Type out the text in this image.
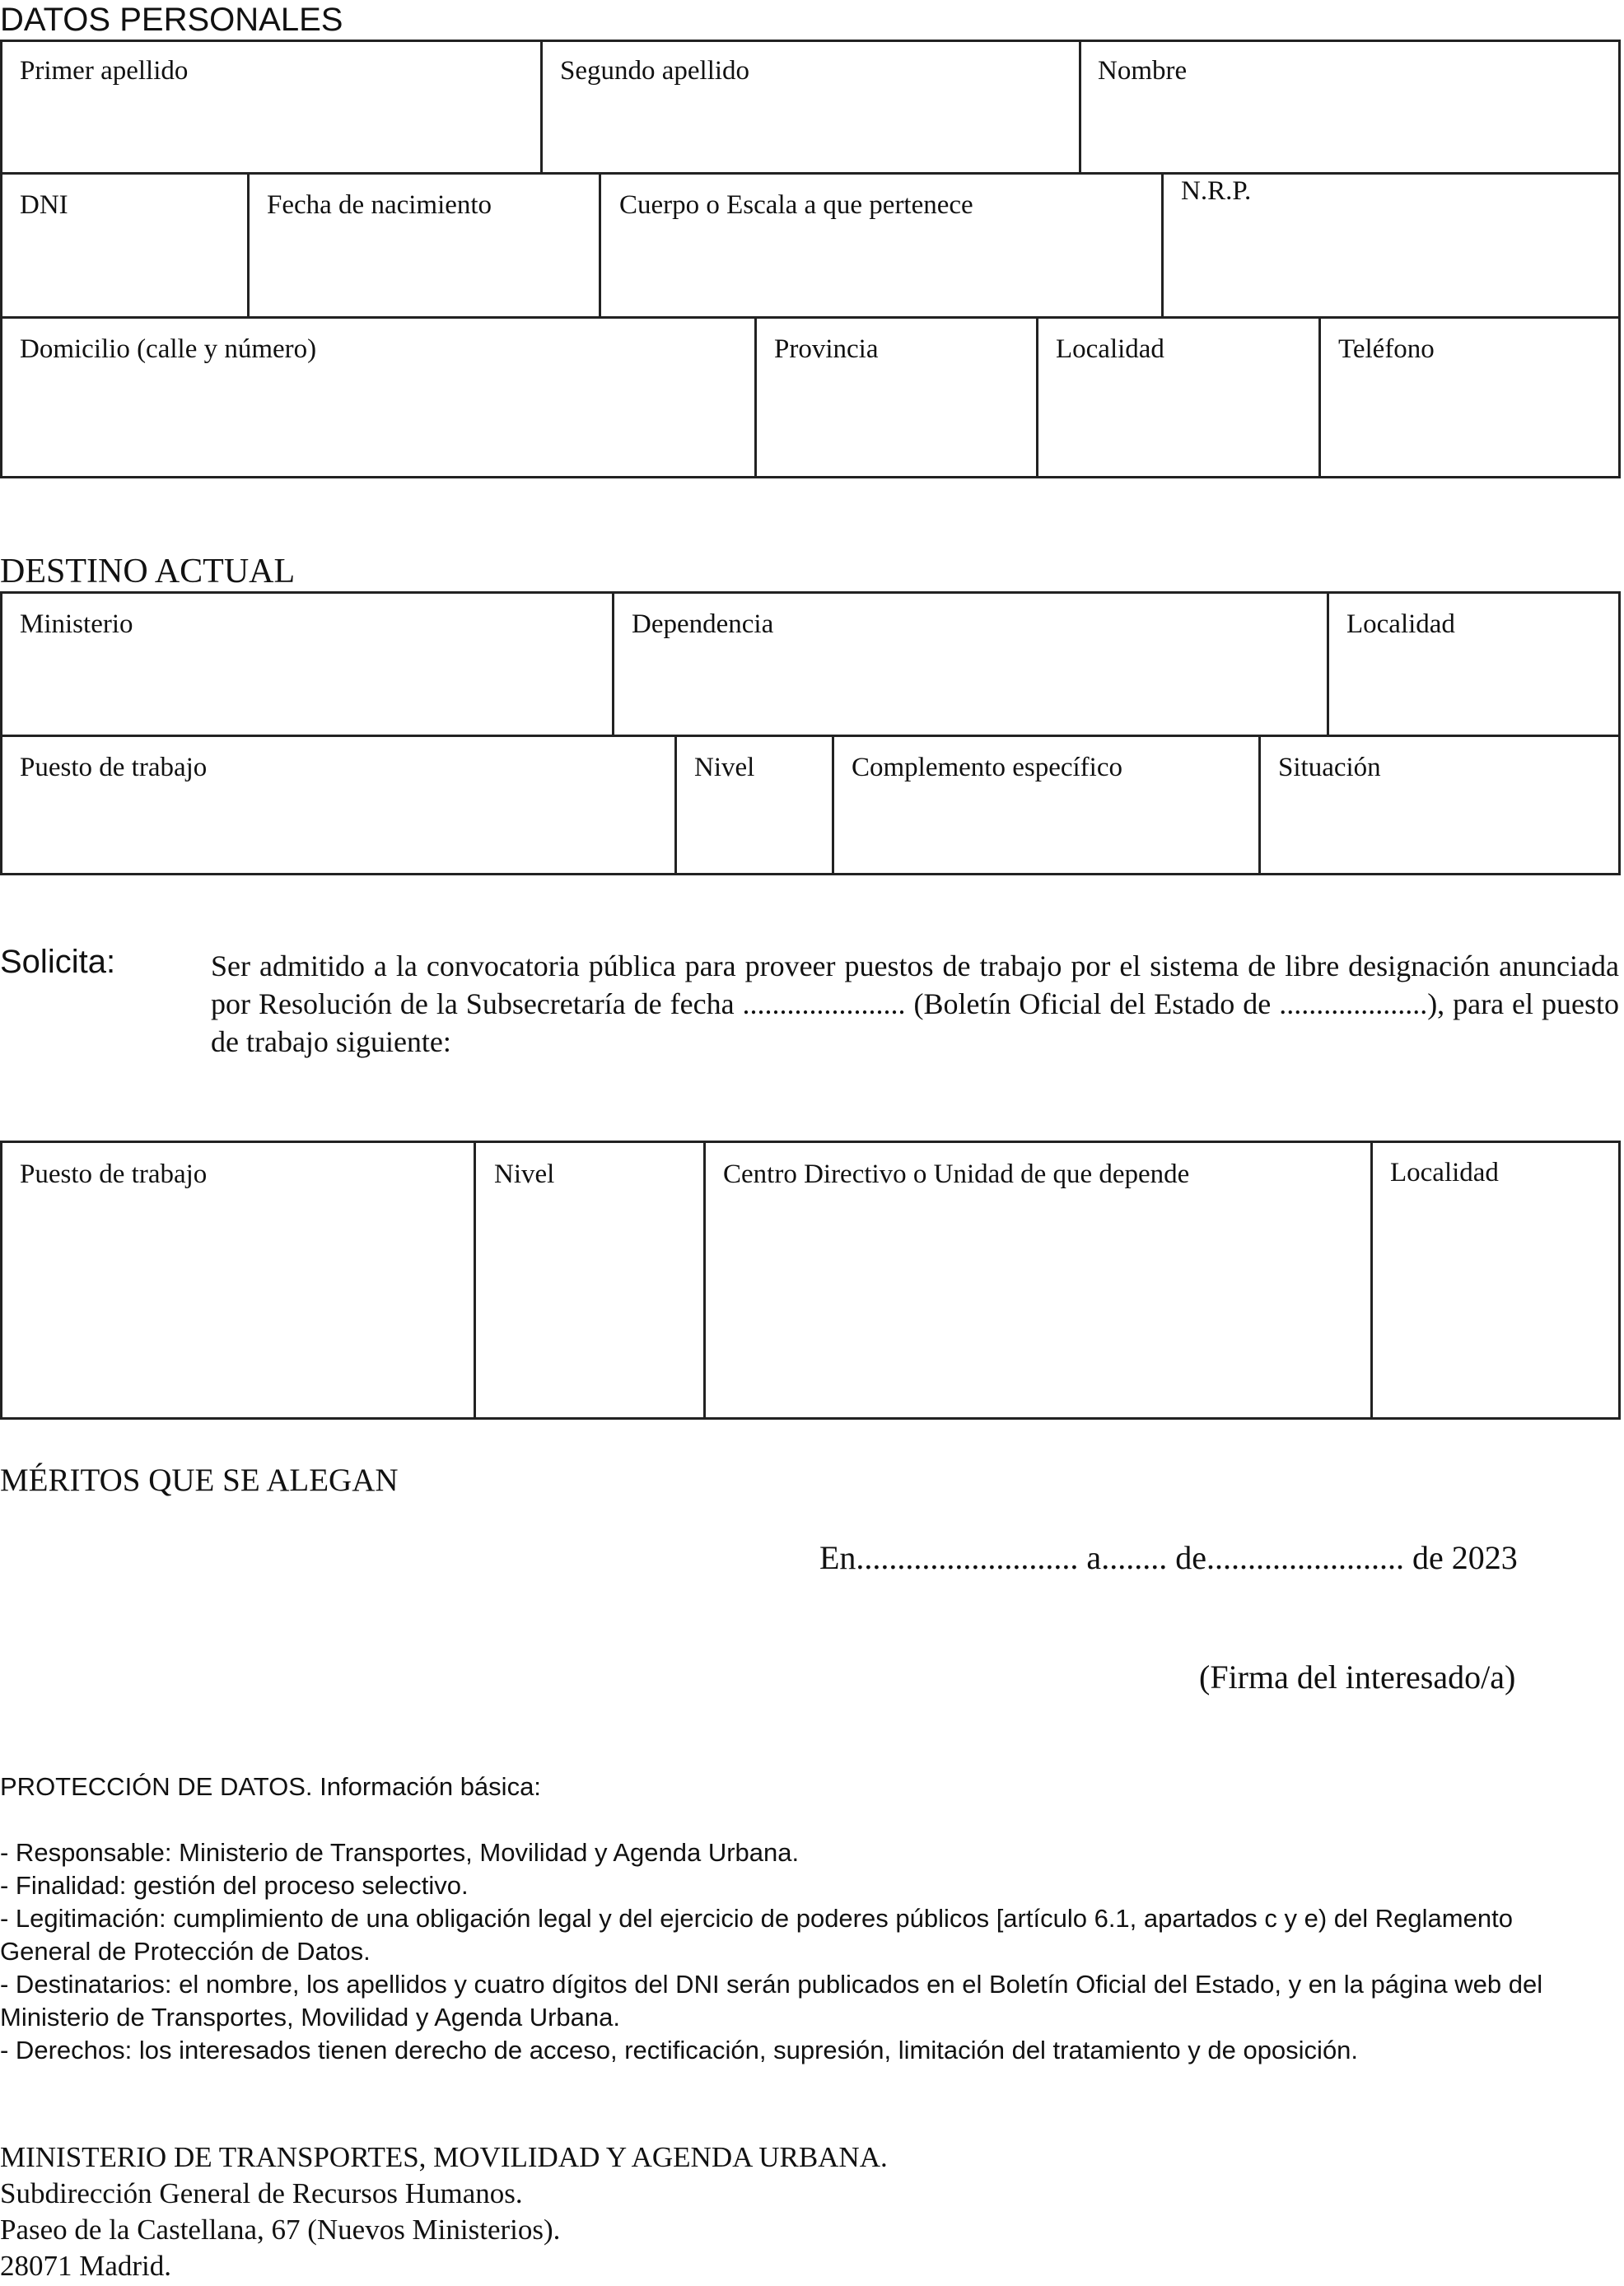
DATOS PERSONALES
Primer apellido	Segundo apellido	Nombre
DNI	Fecha de nacimiento	Cuerpo o Escala a que pertenece	N.R.P.
Domicilio (calle y número)	Provincia	Localidad	Teléfono
DESTINO ACTUAL
Ministerio	Dependencia	Localidad
Puesto de trabajo	Nivel	Complemento específico	Situación
Solicita:	Ser admitido a la convocatoria pública para proveer puestos de trabajo por el sistema de libre designación anunciada por Resolución de la Subsecretaría de fecha ...................... (Boletín Oficial del Estado de ....................), para el puesto de trabajo siguiente:
Puesto de trabajo	Nivel	Centro Directivo o Unidad de que depende	Localidad
MÉRITOS QUE SE ALEGAN
En........................... a........ de........................ de 2023
(Firma del interesado/a)
PROTECCIÓN DE DATOS. Información básica:
- Responsable: Ministerio de Transportes, Movilidad y Agenda Urbana.
- Finalidad: gestión del proceso selectivo.
- Legitimación: cumplimiento de una obligación legal y del ejercicio de poderes públicos [artículo 6.1, apartados c y e) del Reglamento General de Protección de Datos.
- Destinatarios: el nombre, los apellidos y cuatro dígitos del DNI serán publicados en el Boletín Oficial del Estado, y en la página web del Ministerio de Transportes, Movilidad y Agenda Urbana.
- Derechos: los interesados tienen derecho de acceso, rectificación, supresión, limitación del tratamiento y de oposición.
MINISTERIO DE TRANSPORTES, MOVILIDAD Y AGENDA URBANA.
Subdirección General de Recursos Humanos.
Paseo de la Castellana, 67 (Nuevos Ministerios).
28071 Madrid.
